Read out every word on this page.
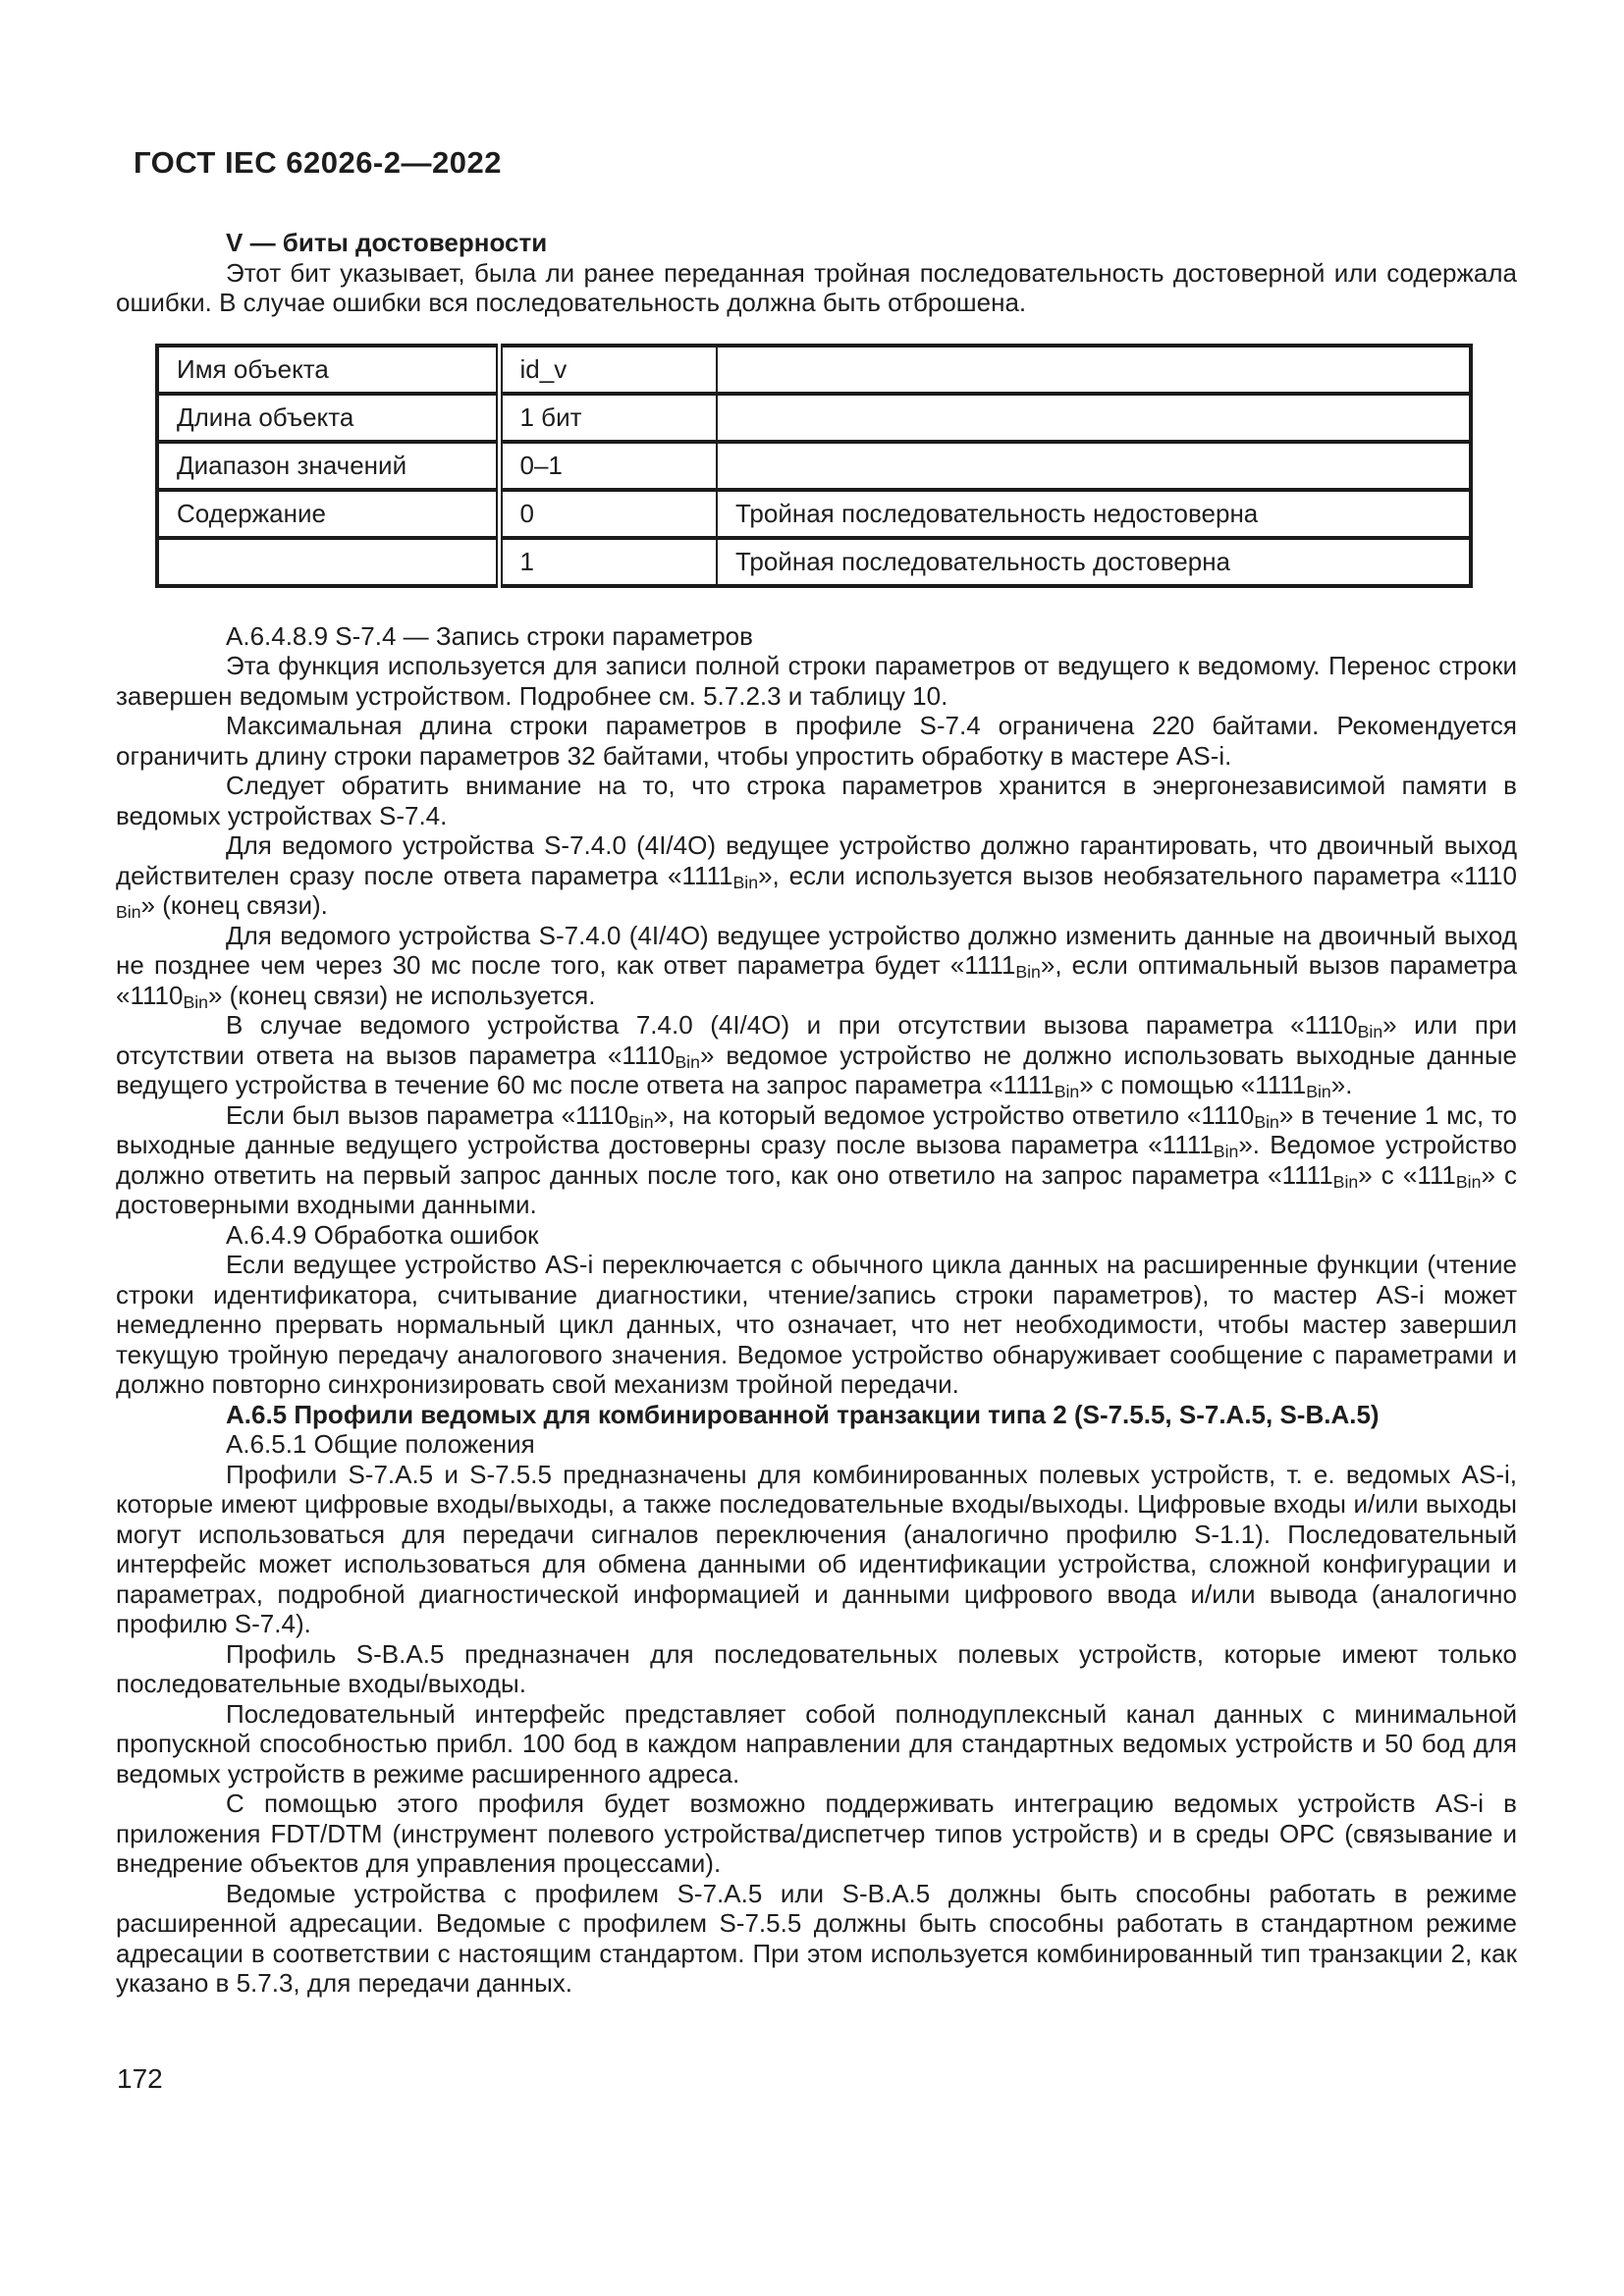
ГОСТ IEC 62026-2—2022

V — биты достоверности

Этот бит указывает, была ли ранее переданная тройная последовательность достоверной или содержала ошибки. В случае ошибки вся последовательность должна быть отброшена.

Имя объекта	id_v	
Длина объекта	1 бит	
Диапазон значений	0–1	
Содержание	0	Тройная последовательность недостоверна
	1	Тройная последовательность достоверна

А.6.4.8.9 S-7.4 — Запись строки параметров

Эта функция используется для записи полной строки параметров от ведущего к ведомому. Перенос строки завершен ведомым устройством. Подробнее см. 5.7.2.3 и таблицу 10.

Максимальная длина строки параметров в профиле S-7.4 ограничена 220 байтами. Рекомендуется ограничить длину строки параметров 32 байтами, чтобы упростить обработку в мастере AS-i.

Следует обратить внимание на то, что строка параметров хранится в энергонезависимой памяти в ведомых устройствах S-7.4.

Для ведомого устройства S-7.4.0 (4I/4O) ведущее устройство должно гарантировать, что двоичный выход действителен сразу после ответа параметра «$1111_{Bin}$», если используется вызов необязательного параметра «1110 $_{Bin}$» (конец связи).

Для ведомого устройства S-7.4.0 (4I/4O) ведущее устройство должно изменить данные на двоичный выход не позднее чем через 30 мс после того, как ответ параметра будет «$1111_{Bin}$», если оптимальный вызов параметра «$1110_{Bin}$» (конец связи) не используется.

В случае ведомого устройства 7.4.0 (4I/4O) и при отсутствии вызова параметра «$1110_{Bin}$» или при отсутствии ответа на вызов параметра «$1110_{Bin}$» ведомое устройство не должно использовать выходные данные ведущего устройства в течение 60 мс после ответа на запрос параметра «$1111_{Bin}$» с помощью «$1111_{Bin}$».

Если был вызов параметра «$1110_{Bin}$», на который ведомое устройство ответило «$1110_{Bin}$» в течение 1 мс, то выходные данные ведущего устройства достоверны сразу после вызова параметра «$1111_{Bin}$». Ведомое устройство должно ответить на первый запрос данных после того, как оно ответило на запрос параметра «$1111_{Bin}$» с «$111_{Bin}$» с достоверными входными данными.

А.6.4.9 Обработка ошибок

Если ведущее устройство AS-i переключается с обычного цикла данных на расширенные функции (чтение строки идентификатора, считывание диагностики, чтение/запись строки параметров), то мастер AS-i может немедленно прервать нормальный цикл данных, что означает, что нет необходимости, чтобы мастер завершил текущую тройную передачу аналогового значения. Ведомое устройство обнаруживает сообщение с параметрами и должно повторно синхронизировать свой механизм тройной передачи.

А.6.5 Профили ведомых для комбинированной транзакции типа 2 (S-7.5.5, S-7.A.5, S-B.A.5)

А.6.5.1 Общие положения

Профили S-7.A.5 и S-7.5.5 предназначены для комбинированных полевых устройств, т. е. ведомых AS-i, которые имеют цифровые входы/выходы, а также последовательные входы/выходы. Цифровые входы и/или выходы могут использоваться для передачи сигналов переключения (аналогично профилю S-1.1). Последовательный интерфейс может использоваться для обмена данными об идентификации устройства, сложной конфигурации и параметрах, подробной диагностической информацией и данными цифрового ввода и/или вывода (аналогично профилю S-7.4).

Профиль S-B.A.5 предназначен для последовательных полевых устройств, которые имеют только последовательные входы/выходы.

Последовательный интерфейс представляет собой полнодуплексный канал данных с минимальной пропускной способностью прибл. 100 бод в каждом направлении для стандартных ведомых устройств и 50 бод для ведомых устройств в режиме расширенного адреса.

С помощью этого профиля будет возможно поддерживать интеграцию ведомых устройств AS-i в приложения FDT/DTM (инструмент полевого устройства/диспетчер типов устройств) и в среды OPC (связывание и внедрение объектов для управления процессами).

Ведомые устройства с профилем S-7.A.5 или S-B.A.5 должны быть способны работать в режиме расширенной адресации. Ведомые с профилем S-7.5.5 должны быть способны работать в стандартном режиме адресации в соответствии с настоящим стандартом. При этом используется комбинированный тип транзакции 2, как указано в 5.7.3, для передачи данных.

172
